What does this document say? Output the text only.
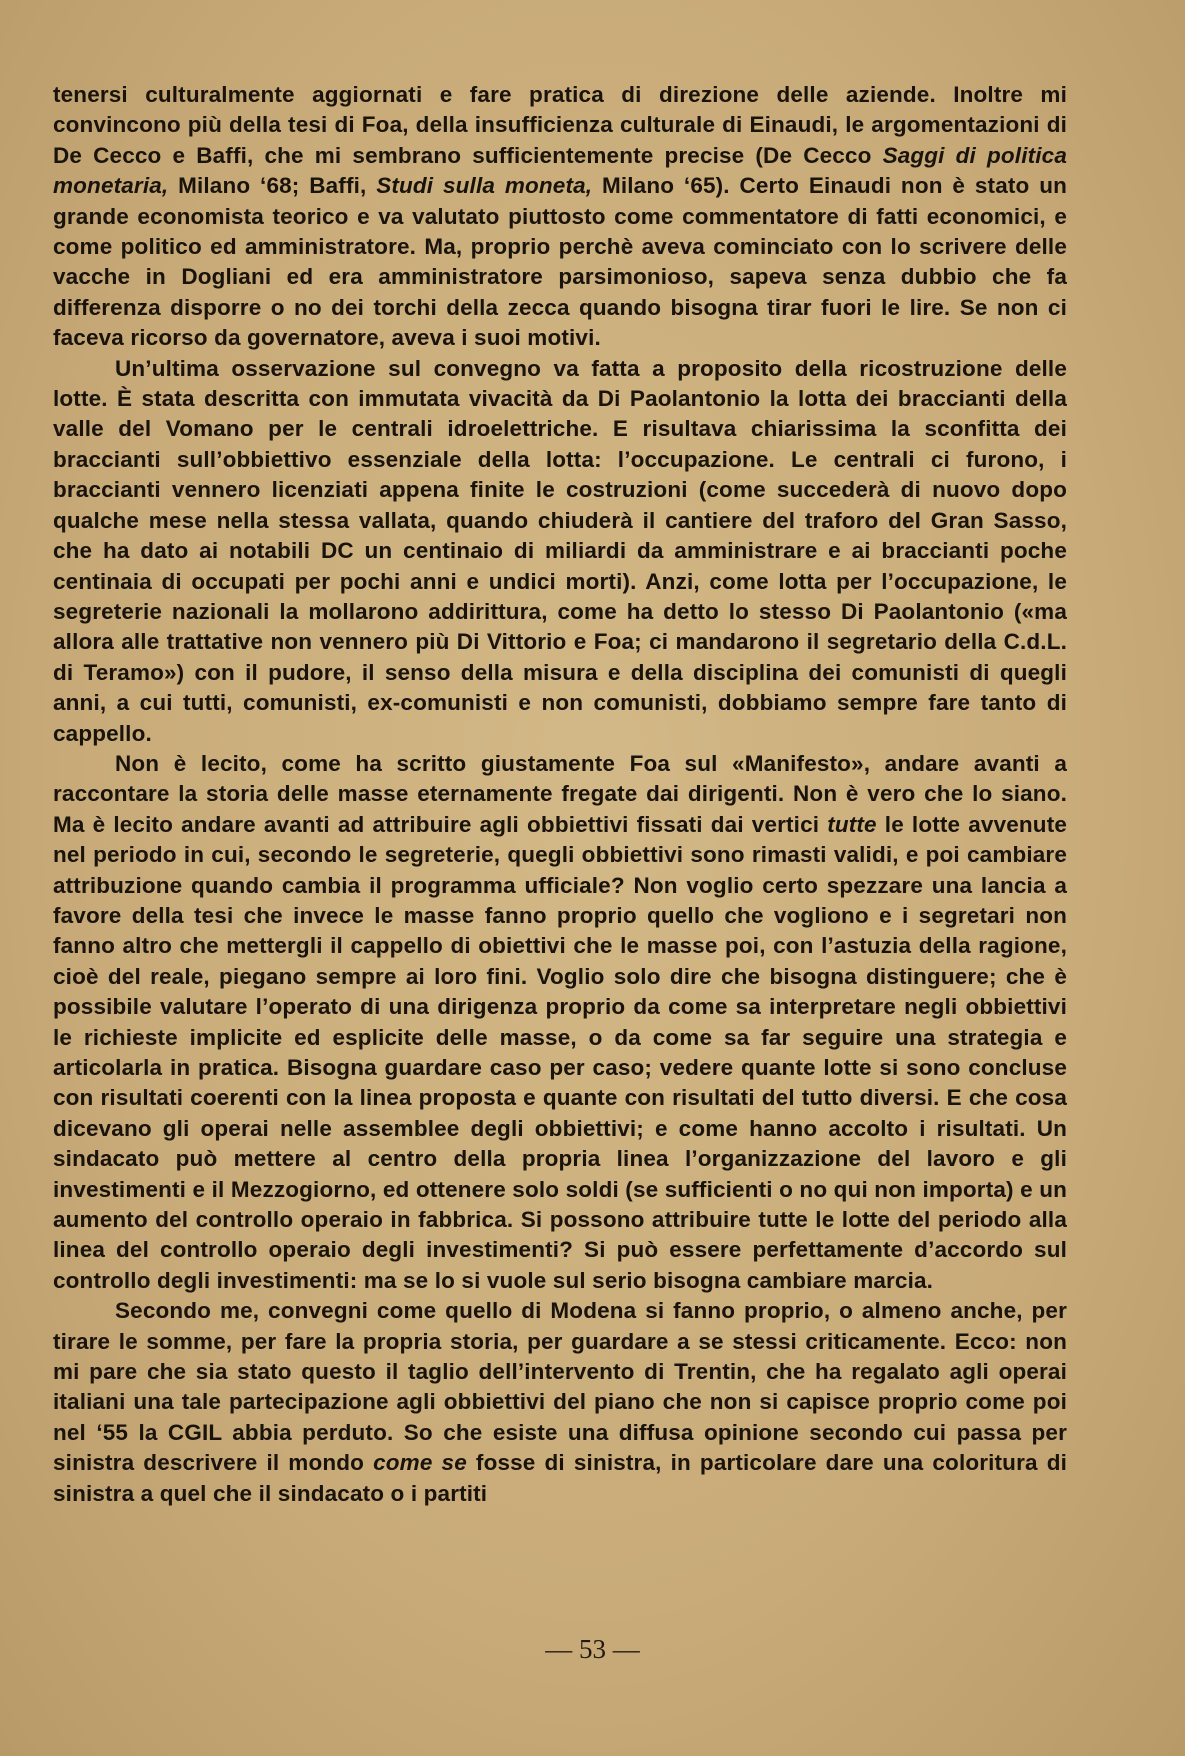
tenersi culturalmente aggiornati e fare pratica di direzione delle aziende. Inoltre mi convincono più della tesi di Foa, della insufficienza culturale di Einaudi, le argomentazioni di De Cecco e Baffi, che mi sembrano sufficientemente precise (De Cecco Saggi di politica monetaria, Milano ‘68; Baffi, Studi sulla moneta, Milano ‘65). Certo Einaudi non è stato un grande economista teorico e va valutato piuttosto come commentatore di fatti economici, e come politico ed amministratore. Ma, proprio perchè aveva cominciato con lo scrivere delle vacche in Dogliani ed era amministratore parsimonioso, sapeva senza dubbio che fa differenza disporre o no dei torchi della zecca quando bisogna tirar fuori le lire. Se non ci faceva ricorso da governatore, aveva i suoi motivi.

Un’ultima osservazione sul convegno va fatta a proposito della ricostruzione delle lotte. È stata descritta con immutata vivacità da Di Paolantonio la lotta dei braccianti della valle del Vomano per le centrali idroelettriche. E risultava chiarissima la sconfitta dei braccianti sull’obbiettivo essenziale della lotta: l’occupazione. Le centrali ci furono, i braccianti vennero licenziati appena finite le costruzioni (come succederà di nuovo dopo qualche mese nella stessa vallata, quando chiuderà il cantiere del traforo del Gran Sasso, che ha dato ai notabili DC un centinaio di miliardi da amministrare e ai braccianti poche centinaia di occupati per pochi anni e undici morti). Anzi, come lotta per l’occupazione, le segreterie nazionali la mollarono addirittura, come ha detto lo stesso Di Paolantonio («ma allora alle trattative non vennero più Di Vittorio e Foa; ci mandarono il segretario della C.d.L. di Teramo») con il pudore, il senso della misura e della disciplina dei comunisti di quegli anni, a cui tutti, comunisti, ex-comunisti e non comunisti, dobbiamo sempre fare tanto di cappello.

Non è lecito, come ha scritto giustamente Foa sul «Manifesto», andare avanti a raccontare la storia delle masse eternamente fregate dai dirigenti. Non è vero che lo siano. Ma è lecito andare avanti ad attribuire agli obbiettivi fissati dai vertici tutte le lotte avvenute nel periodo in cui, secondo le segreterie, quegli obbiettivi sono rimasti validi, e poi cambiare attribuzione quando cambia il programma ufficiale? Non voglio certo spezzare una lancia a favore della tesi che invece le masse fanno proprio quello che vogliono e i segretari non fanno altro che mettergli il cappello di obiettivi che le masse poi, con l’astuzia della ragione, cioè del reale, piegano sempre ai loro fini. Voglio solo dire che bisogna distinguere; che è possibile valutare l’operato di una dirigenza proprio da come sa interpretare negli obbiettivi le richieste implicite ed esplicite delle masse, o da come sa far seguire una strategia e articolarla in pratica. Bisogna guardare caso per caso; vedere quante lotte si sono concluse con risultati coerenti con la linea proposta e quante con risultati del tutto diversi. E che cosa dicevano gli operai nelle assemblee degli obbiettivi; e come hanno accolto i risultati. Un sindacato può mettere al centro della propria linea l’organizzazione del lavoro e gli investimenti e il Mezzogiorno, ed ottenere solo soldi (se sufficienti o no qui non importa) e un aumento del controllo operaio in fabbrica. Si possono attribuire tutte le lotte del periodo alla linea del controllo operaio degli investimenti? Si può essere perfettamente d’accordo sul controllo degli investimenti: ma se lo si vuole sul serio bisogna cambiare marcia.

Secondo me, convegni come quello di Modena si fanno proprio, o almeno anche, per tirare le somme, per fare la propria storia, per guardare a se stessi criticamente. Ecco: non mi pare che sia stato questo il taglio dell’intervento di Trentin, che ha regalato agli operai italiani una tale partecipazione agli obbiettivi del piano che non si capisce proprio come poi nel ‘55 la CGIL abbia perduto. So che esiste una diffusa opinione secondo cui passa per sinistra descrivere il mondo come se fosse di sinistra, in particolare dare una coloritura di sinistra a quel che il sindacato o i partiti

— 53 —
